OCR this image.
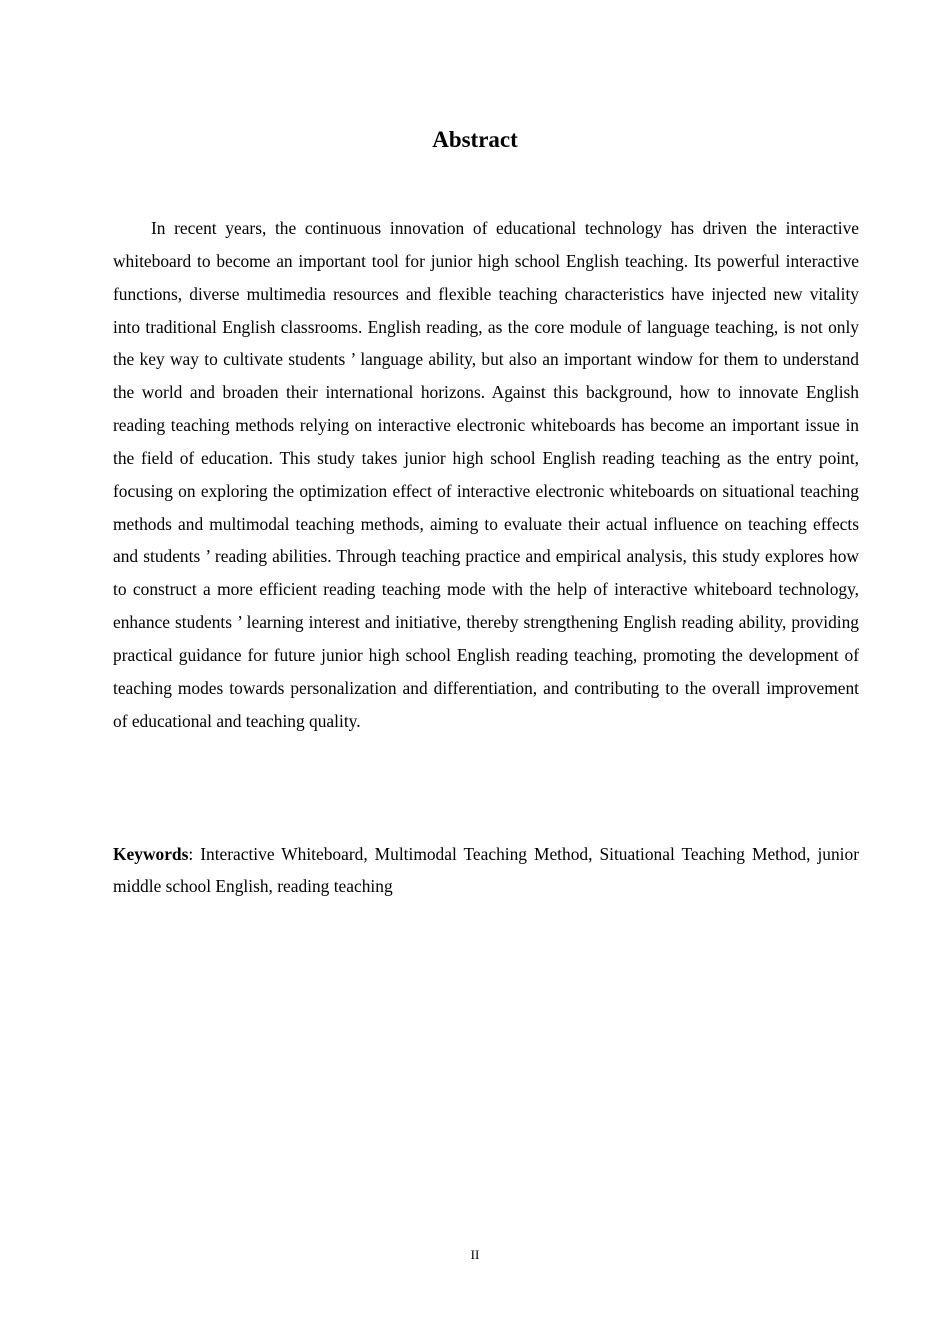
Abstract

In recent years, the continuous innovation of educational technology has driven the interactive whiteboard to become an important tool for junior high school English teaching. Its powerful interactive functions, diverse multimedia resources and flexible teaching characteristics have injected new vitality into traditional English classrooms. English reading, as the core module of language teaching, is not only the key way to cultivate students ’ language ability, but also an important window for them to understand the world and broaden their international horizons. Against this background, how to innovate English reading teaching methods relying on interactive electronic whiteboards has become an important issue in the field of education. This study takes junior high school English reading teaching as the entry point, focusing on exploring the optimization effect of interactive electronic whiteboards on situational teaching methods and multimodal teaching methods, aiming to evaluate their actual influence on teaching effects and students ’ reading abilities. Through teaching practice and empirical analysis, this study explores how to construct a more efficient reading teaching mode with the help of interactive whiteboard technology, enhance students ’ learning interest and initiative, thereby strengthening English reading ability, providing practical guidance for future junior high school English reading teaching, promoting the development of teaching modes towards personalization and differentiation, and contributing to the overall improvement of educational and teaching quality.

Keywords: Interactive Whiteboard, Multimodal Teaching Method, Situational Teaching Method, junior middle school English, reading teaching

II
